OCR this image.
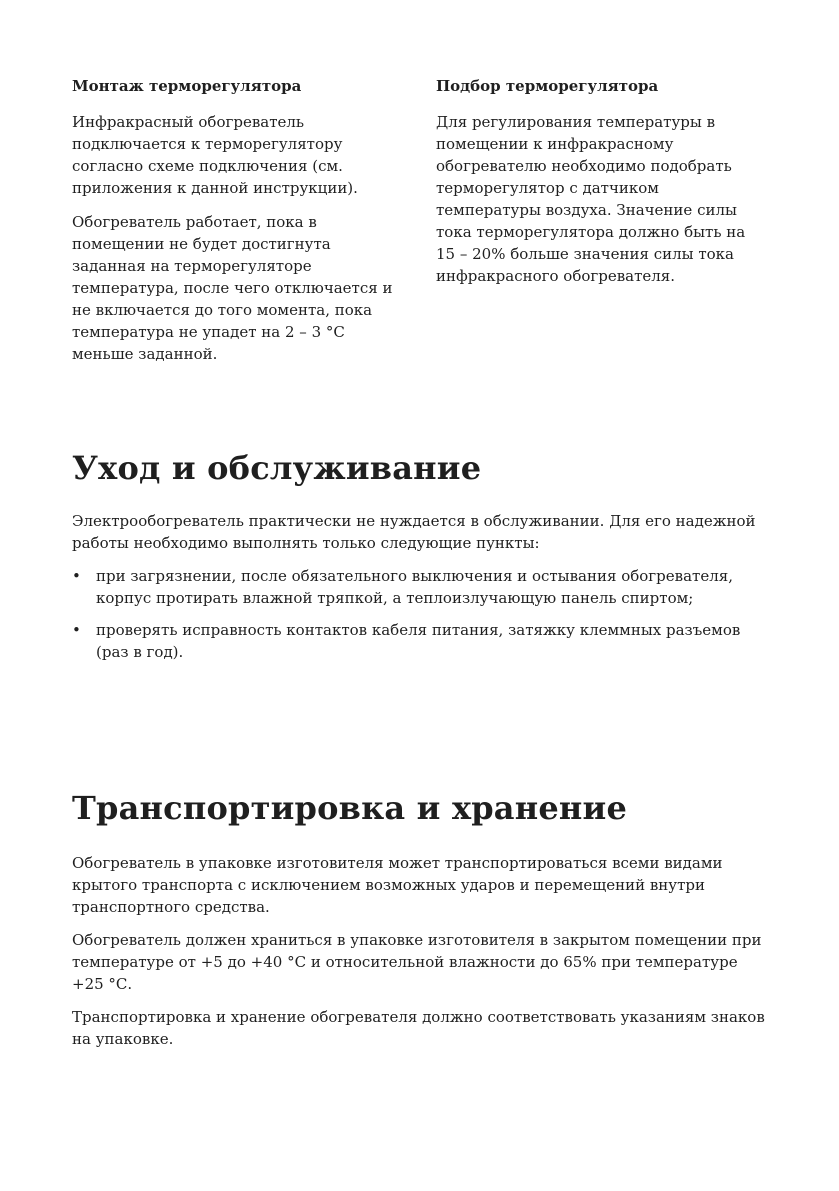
Монтаж терморегулятора

Инфракрасный обогреватель подключается к терморегулятору согласно схеме подключения (см. приложения к данной инструкции).

Обогреватель работает, пока в помещении не будет достигнута заданная на терморегуляторе температура, после чего отключается и не включается до того момента, пока температура не упадет на 2 – 3 °С меньше заданной.

Подбор терморегулятора

Для регулирования температуры в помещении к инфракрасному обогревателю необходимо подобрать терморегулятор с датчиком температуры воздуха. Значение силы тока терморегулятора должно быть на 15 – 20% больше значения силы тока инфракрасного обогревателя.

Уход и обслуживание

Электрообогреватель практически не нуждается в обслуживании. Для его надежной работы необходимо выполнять только следующие пункты:

• при загрязнении, после обязательного выключения и остывания обогревателя, корпус протирать влажной тряпкой, а теплоизлучающую панель спиртом;
• проверять исправность контактов кабеля питания, затяжку клеммных разъемов (раз в год).
Транспортировка и хранение

Обогреватель в упаковке изготовителя может транспортироваться всеми видами крытого транспорта с исключением возможных ударов и перемещений внутри транспортного средства.

Обогреватель должен храниться в упаковке изготовителя в закрытом помещении при температуре от +5 до +40 °С и относительной влажности до 65% при температуре +25 °С.

Транспортировка и хранение обогревателя должно соответствовать указаниям знаков на упаковке.
